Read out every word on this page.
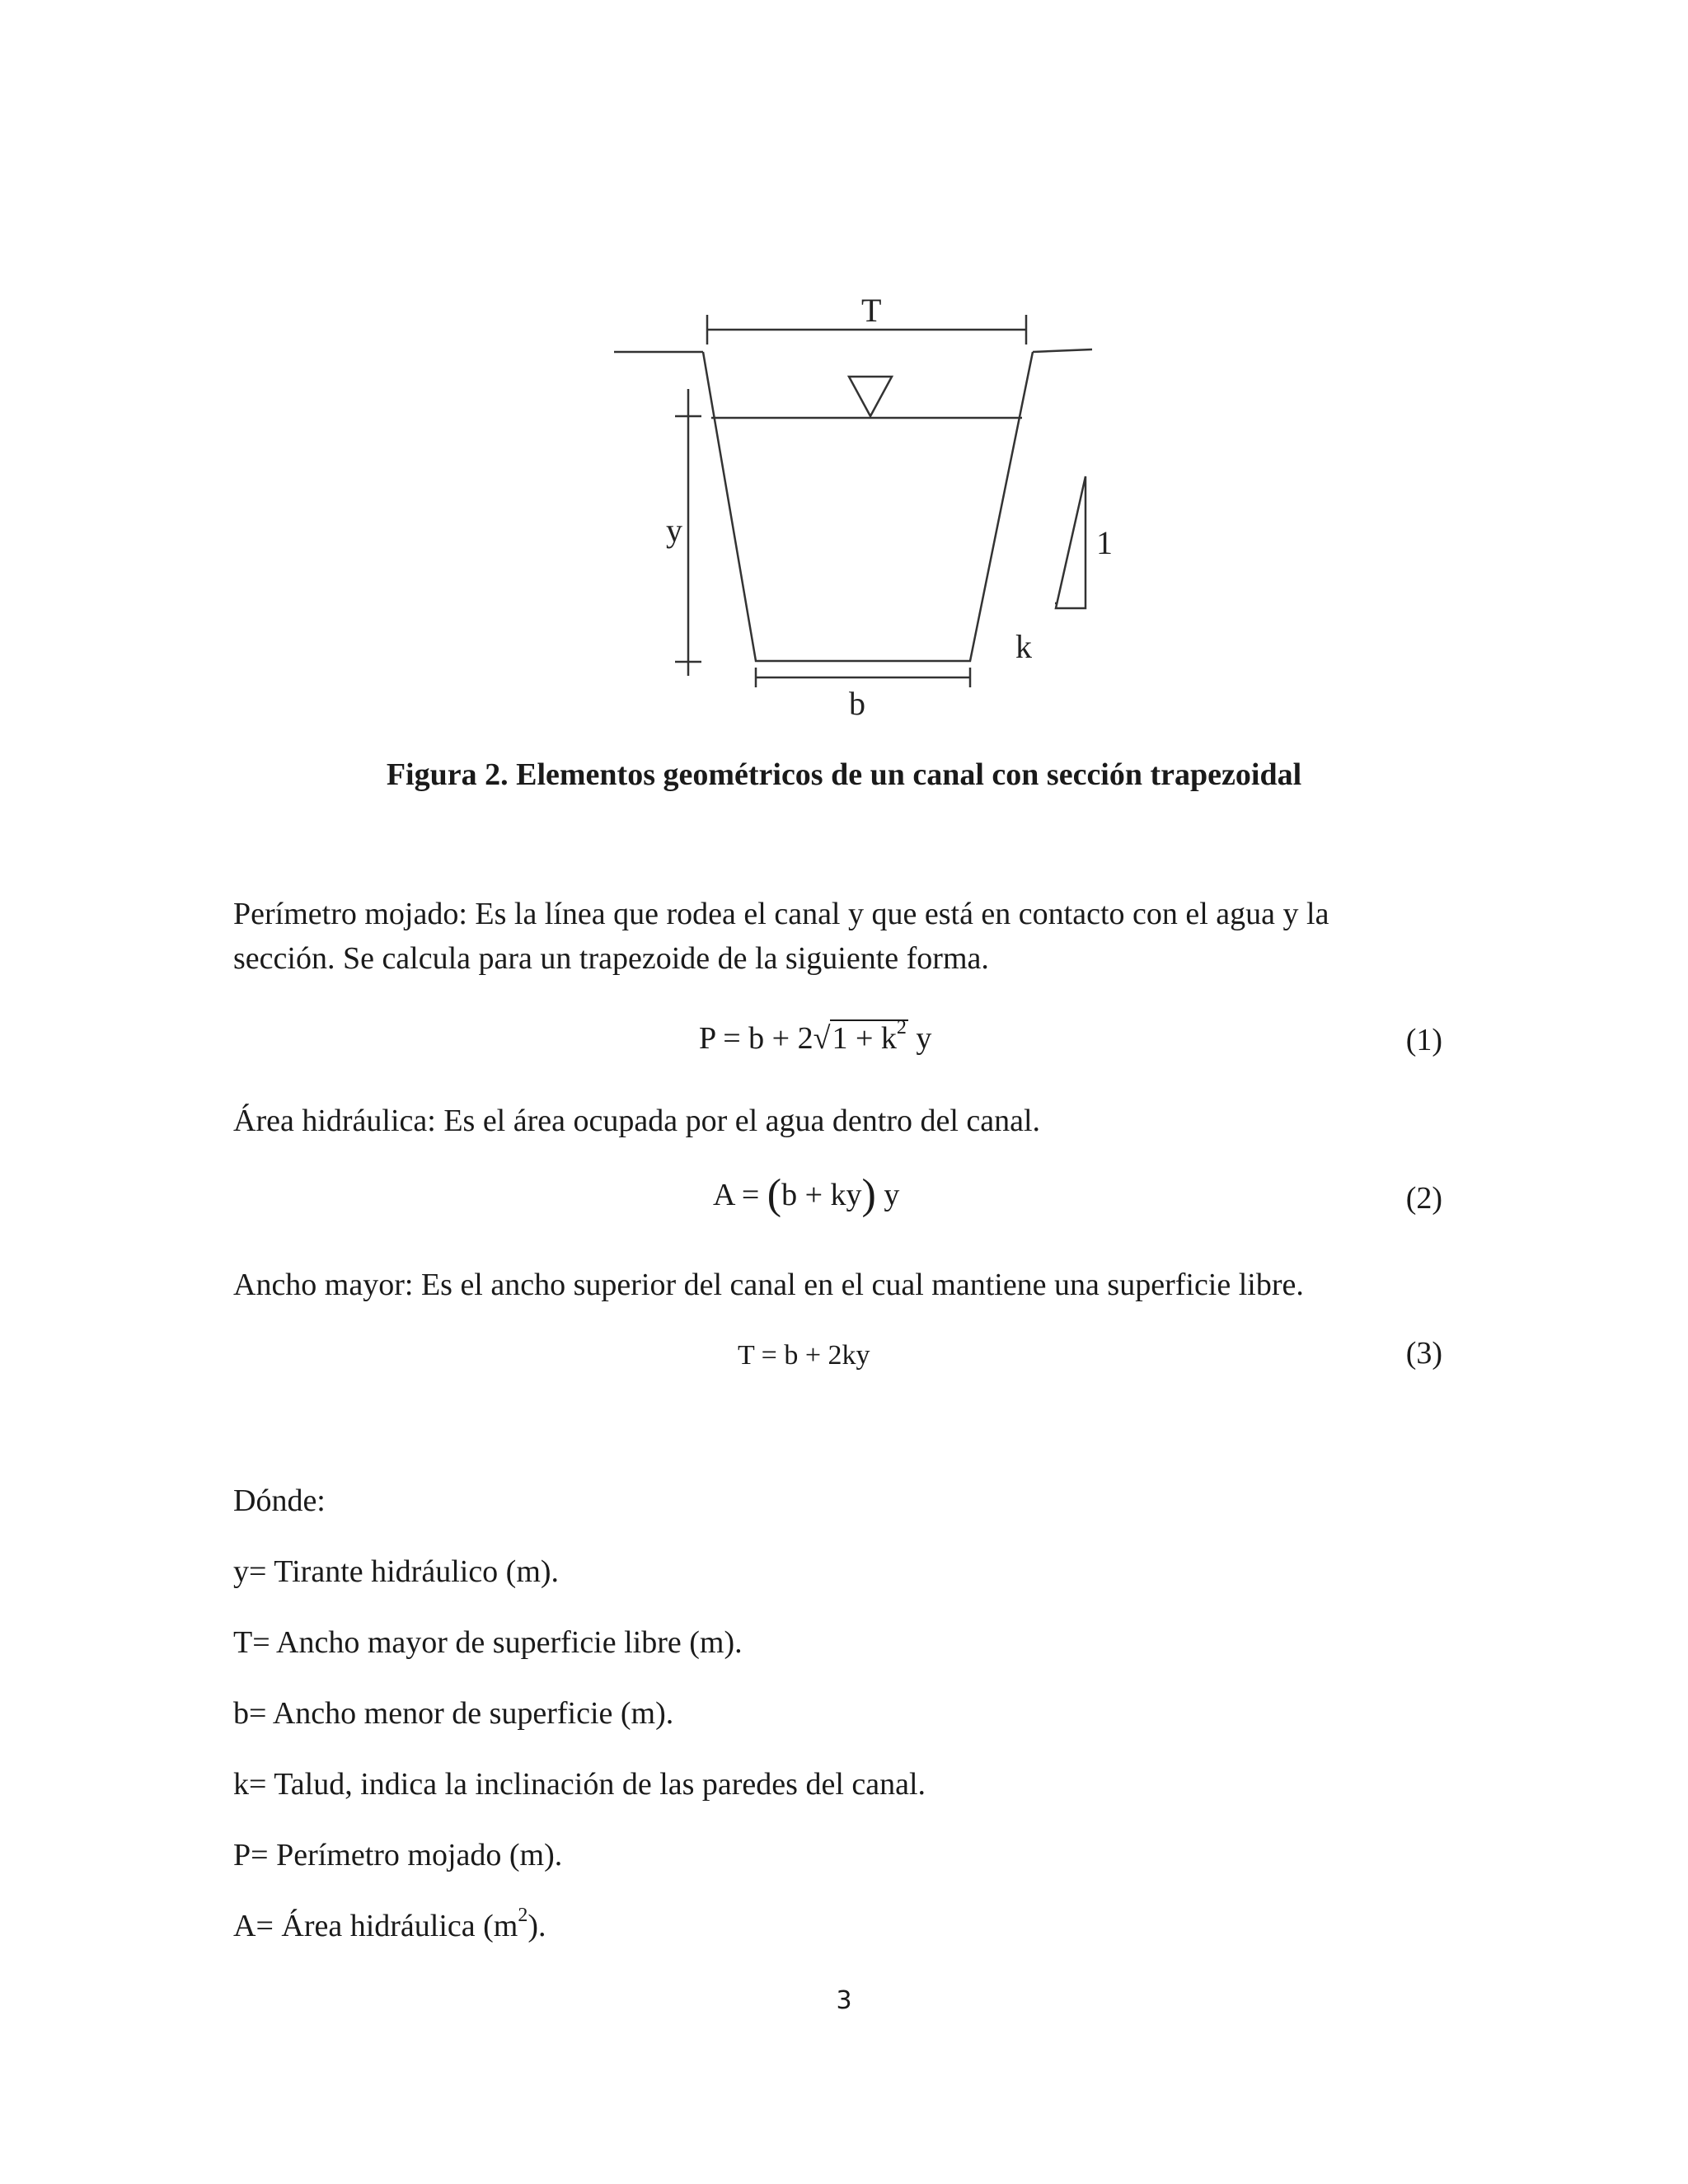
T
y
b
k
1
Figura 2. Elementos geométricos de un canal con sección trapezoidal
Perímetro mojado: Es la línea que rodea el canal y que está en contacto con el agua y la
sección. Se calcula para un trapezoide de la siguiente forma.
$P = b + 2√1 + k^2$ y	(1)
Área hidráulica: Es el área ocupada por el agua dentro del canal.
A = (b + ky) y	(2)
Ancho mayor: Es el ancho superior del canal en el cual mantiene una superficie libre.
T = b + 2ky	(3)
Dónde:
y= Tirante hidráulico (m).
T= Ancho mayor de superficie libre (m).
b= Ancho menor de superficie (m).
k= Talud, indica la inclinación de las paredes del canal.
P= Perímetro mojado (m).
A= Área hidráulica $(m^2)$.
3
